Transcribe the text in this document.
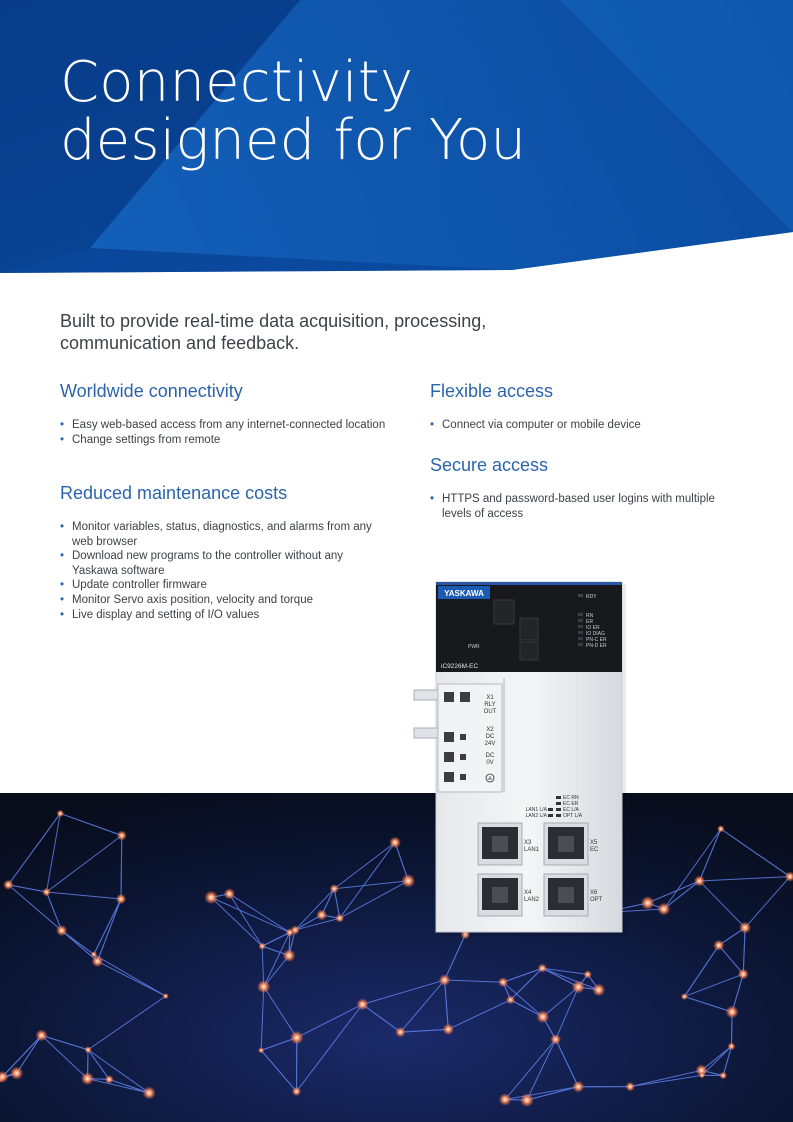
Connectivity
designed for You

Built to provide real-time data acquisition, processing, communication and feedback.

Worldwide connectivity
• Easy web-based access from any internet-connected location
• Change settings from remote
Reduced maintenance costs
• Monitor variables, status, diagnostics, and alarms from any web browser
• Download new programs to the controller without any Yaskawa software
• Update controller firmware
• Monitor Servo axis position, velocity and torque
• Live display and setting of I/O values
Flexible access
• Connect via computer or mobile device
Secure access
• HTTPS and password-based user logins with multiple levels of access
YASKAWA	RDY
RN
ER
IO ER
IO DIAG
PN-C ER
PN-D ER
PWR
iC9226M-EC
X1
RLY
OUT
X2
DC
24V
DC
0V
EC RN
EC ER
EC L/A
OPT L/A
LAN1 L/A
LAN2 L/A
X3
LAN1
X5
EC
X4
LAN2
X6
OPT
